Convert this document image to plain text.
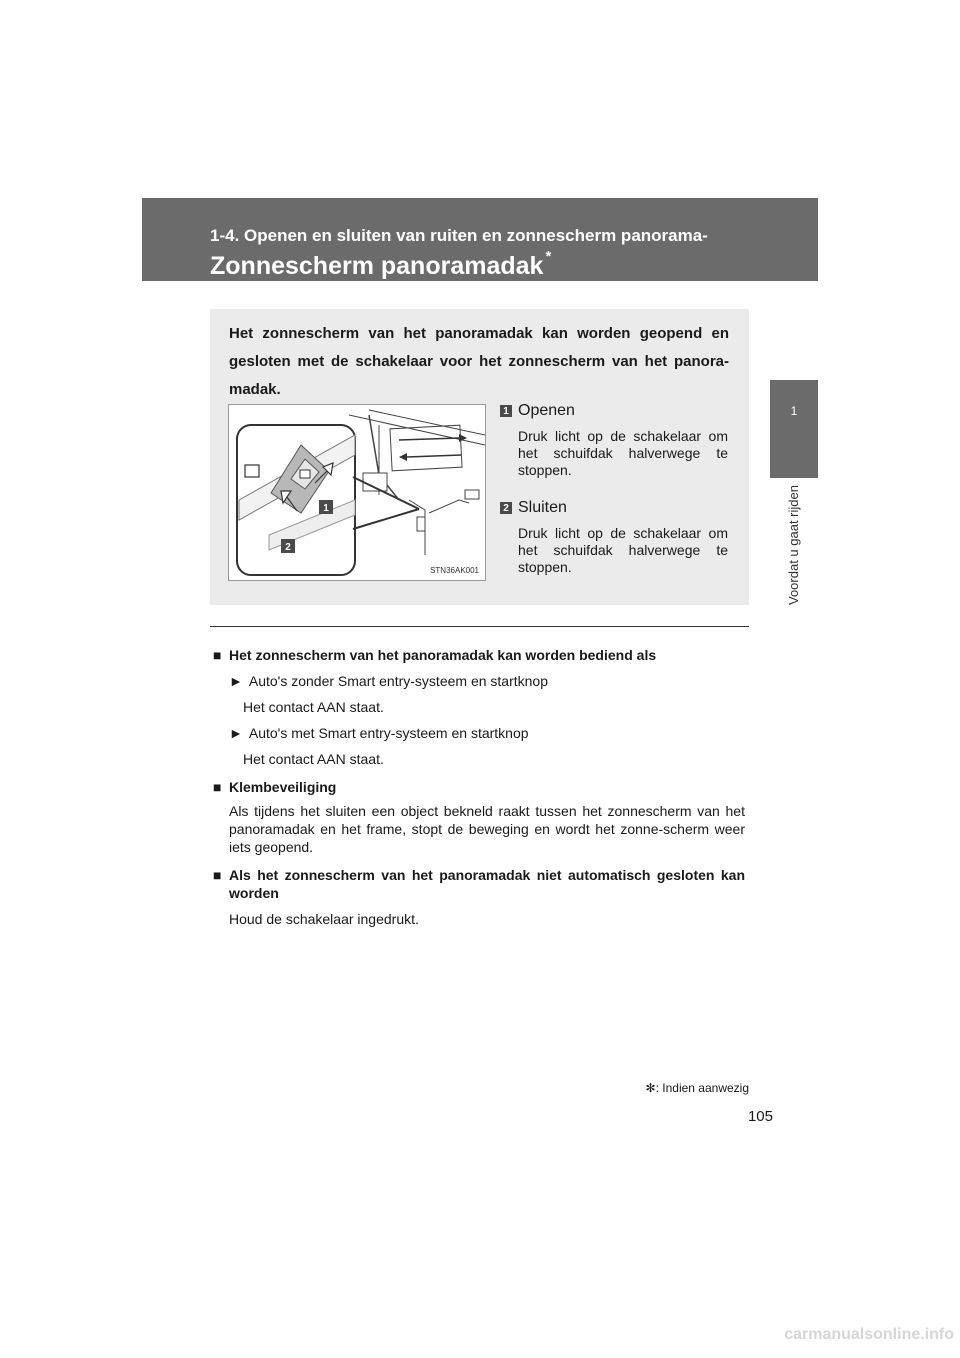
1-4. Openen en sluiten van ruiten en zonnescherm panorama-
Zonnescherm panoramadak *
1
Voordat u gaat rijden

Het zonnescherm van het panoramadak kan worden geopend en gesloten met de schakelaar voor het zonnescherm van het panora-madak.

1
2
STN36AK001
1 Openen

Druk licht op de schakelaar om het schuifdak halverwege te stoppen.

2 Sluiten

Druk licht op de schakelaar om het schuifdak halverwege te stoppen.

■ Het zonnescherm van het panoramadak kan worden bediend als
► Auto's zonder Smart entry-systeem en startknop
Het contact AAN staat.
► Auto's met Smart entry-systeem en startknop
Het contact AAN staat.
■ Klembeveiliging
Als tijdens het sluiten een object bekneld raakt tussen het zonnescherm van het panoramadak en het frame, stopt de beweging en wordt het zonne-scherm weer iets geopend.
■ Als het zonnescherm van het panoramadak niet automatisch gesloten kan worden
Houd de schakelaar ingedrukt.
✻: Indien aanwezig
105
carmanualsonline.info
